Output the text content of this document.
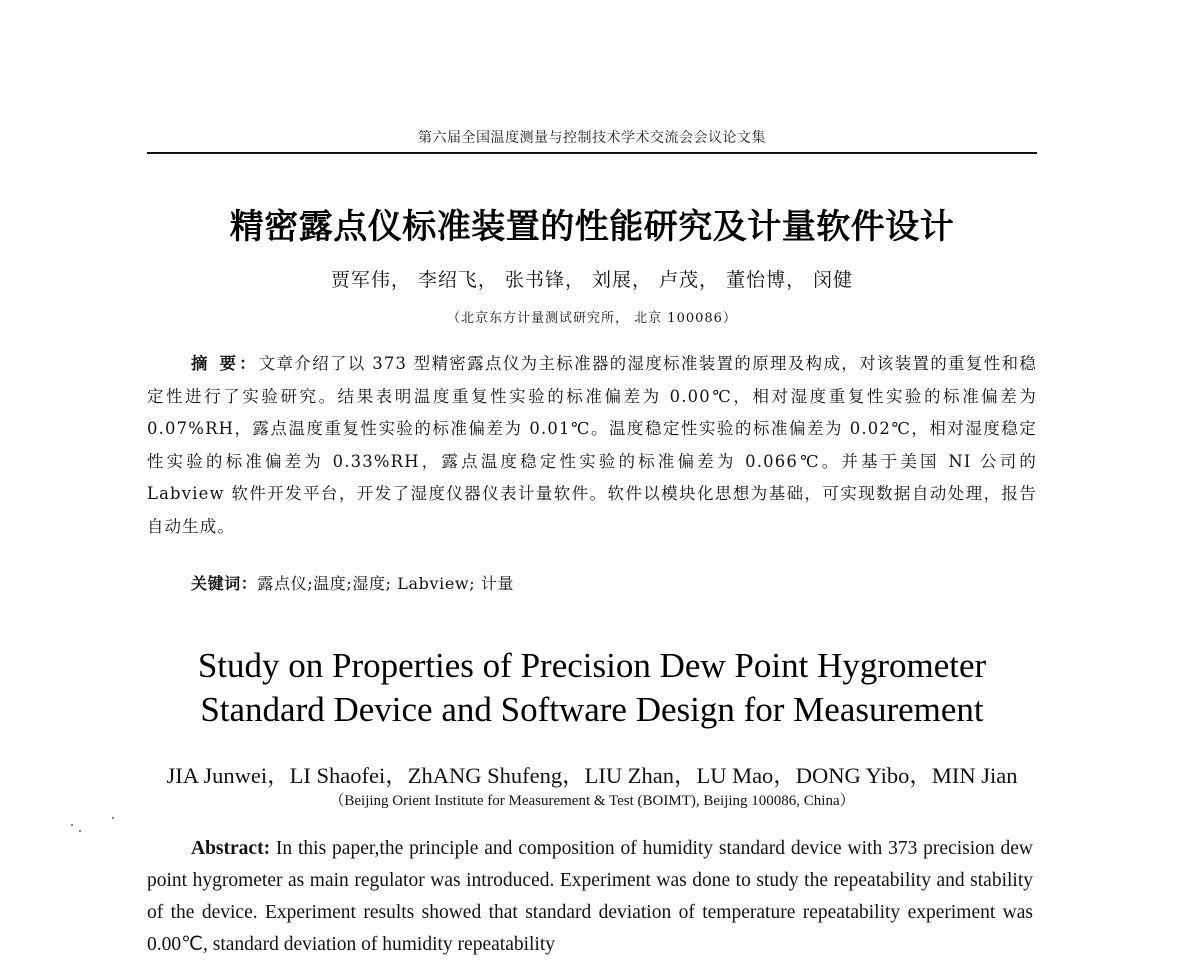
第六届全国温度测量与控制技术学术交流会会议论文集
精密露点仪标准装置的性能研究及计量软件设计
贾军伟， 李绍飞， 张书锋， 刘展， 卢茂， 董怡博， 闵健
（北京东方计量测试研究所， 北京 100086）

摘 要：文章介绍了以 373 型精密露点仪为主标准器的湿度标准装置的原理及构成，对该装置的重复性和稳定性进行了实验研究。结果表明温度重复性实验的标准偏差为 0.00℃，相对湿度重复性实验的标准偏差为 0.07%RH，露点温度重复性实验的标准偏差为 0.01℃。温度稳定性实验的标准偏差为 0.02℃，相对湿度稳定性实验的标准偏差为 0.33%RH，露点温度稳定性实验的标准偏差为 0.066℃。并基于美国 NI 公司的 Labview 软件开发平台，开发了湿度仪器仪表计量软件。软件以模块化思想为基础，可实现数据自动处理，报告自动生成。

关键词：露点仪;温度;湿度; Labview; 计量

Study on Properties of Precision Dew Point Hygrometer
Standard Device and Software Design for Measurement
JIA Junwei，LI Shaofei，ZhANG Shufeng，LIU Zhan，LU Mao，DONG Yibo，MIN Jian
（Beijing Orient Institute for Measurement & Test (BOIMT), Beijing 100086, China）

Abstract: In this paper,the principle and composition of humidity standard device with 373 precision dew point hygrometer as main regulator was introduced. Experiment was done to study the repeatability and stability of the device. Experiment results showed that standard deviation of temperature repeatability experiment was 0.00℃, standard deviation of humidity repeatability
